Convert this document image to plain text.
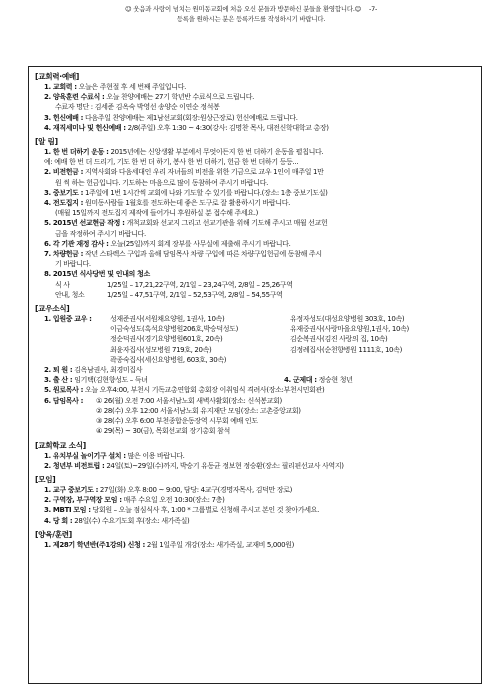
☺ 웃음과 사랑이 넘치는 원미동교회에 처음 오신 분들과 방문하신 분들을 환영합니다.☺ -7-
등록을 원하시는 분은 등록카드를 작성하시기 바랍니다.
[교회력·예배]
1. 교회력 : 오늘은 주현절 후 세 번째 주일입니다.
2. 양육훈련 수료식 : 오늘 찬양예배는 27기 학년반 수료식으로 드립니다.
수료자 명단 : 김세준 김옥숙 박영선 송양순 이연순 정석봉
3. 헌신예배 : 다음주일 찬양예배는 제1남선교회(회장:원상근장로) 헌신예배로 드립니다.
4. 재직세미나 및 헌신예배 : 2/8(주일) 오후 1:30 ~ 4:30(강사: 김명찬 목사, 대전신학대학교 총장)
[알 림]
1. 한 번 더하기 운동 : 2015년에는 신앙생활 부분에서 무엇이든지 한 번 더하기 운동을 펼칩니다.
예: 예배 한 번 더 드리기, 기도 한 번 더 하기, 봉사 한 번 더하기, 헌금 한 번 더하기 등등...
2. 비전헌금 : 지역사회와 다음세대인 우리 자녀들의 비전을 위한 기금으로 교우 1인이 매주일 1만
원 씩 하는 헌금입니다. 기도하는 마음으로 많이 동참하여 주시기 바랍니다.
3. 중보기도 : 1주일에 1번 1시간씩 교회에 나와 기도할 수 있기를 바랍니다.(장소: 1층 중보기도실)
4. 전도집지 : 원미동사람들 1월호를 전도하는데 좋은 도구로 잘 활용하시기 바랍니다.
(매월 15일까지 전도집지 제작에 들어가니 후원하실 분 접수해 주세요.)
5. 2015년 선교현금 작정 : 개척교회와 선교지 그리고 선교기관을 위해 기도해 주시고 매월 선교헌
금을 작정하여 주시기 바랍니다.
6. 각 기관 재정 감사 : 오늘(25일)까지 회계 장부를 사무실에 제출해 주시기 바랍니다.
7. 차량헌금 : 작년 스타렉스 구입과 올해 담임목사 차량 구입에 따른 차량구입헌금에 동참해 주시
기 바랍니다.
8. 2015년 식사당번 및 인내의 청소
식 사	1/25일 – 17,21,22구역, 2/1일 – 23,24구역, 2/8일 – 25,26구역
안내, 청소	1/25일 – 47,51구역, 2/1일 – 52,53구역, 2/8일 – 54,55구역
[교우소식]
1. 입원중 교우 :	성재준권사(서원채요양원, 1권사, 10속)	유정자성도(대성요양병원 303호, 10속)
이금숙성도(흑석요양병원206호,박승덕성도)	유재중권사(사랑마을요양원,1권사, 10속)
정순덕권사(경기요양병원601호, 20속)	김순복권사(김진 사랑의 집, 10속)
최윤자집사(성모병원 719호, 20속)	김정례집사(순천향병원 1111호, 10속)
곽종숙집사(세신요양병원, 603호, 30속)
2. 퇴 원 : 김옥남권사, 최경미집사
3. 출 산 : 임기택(김현향성도 – 득녀	4. 군제대 : 정승현 청년
5. 원로목사 : 오늘 오후4:00, 부천시 기독교총연합회 총회장 이취임식 격려사(장소:부천시민회관)
6. 담임목사 :	① 26(월) 오전 7:00 서울서남노회 새벽사활회(장소: 신석봉교회)
② 28(수) 오후 12:00 서울서남노회 유지재단 모임(장소: 고촌중앙교회)
③ 28(수) 오후 6:00 부천종합운동장역 시무회 예배 인도
④ 29(목) ~ 30(금), 목회선교회 장기총회 참석
[교회학교 소식]
1. 유치부실 놀이기구 설치 : 많은 이용 바랍니다.
2. 청년부 비전트립 : 24일(토)~29일(수)까지, 박승기 유동균 정보현 정승환(장소: 필리핀선교사 사역지)
[모임]
1. 교구 중보기도 : 27일(화) 오후 8:00 ~ 9:00, 담당: 4교구(경명자목사, 김덕만 장로)
2. 구역장, 부구역장 모임 : 매주 수요일 오전 10:30(장소: 7층)
3. MBTI 모임 : 당회원 – 오늘 점심식사 후, 1:00 * 그룹별로 신청해 주시고 본인 것 찾아가세요.
4. 당 회 : 28일(수) 수요기도회 후(장소: 새가족실)
[양육/훈련]
1. 제28기 학년반(주1강의) 신청 : 2월 1일주일 개강(장소: 새가족실, 교재비 5,000원)
